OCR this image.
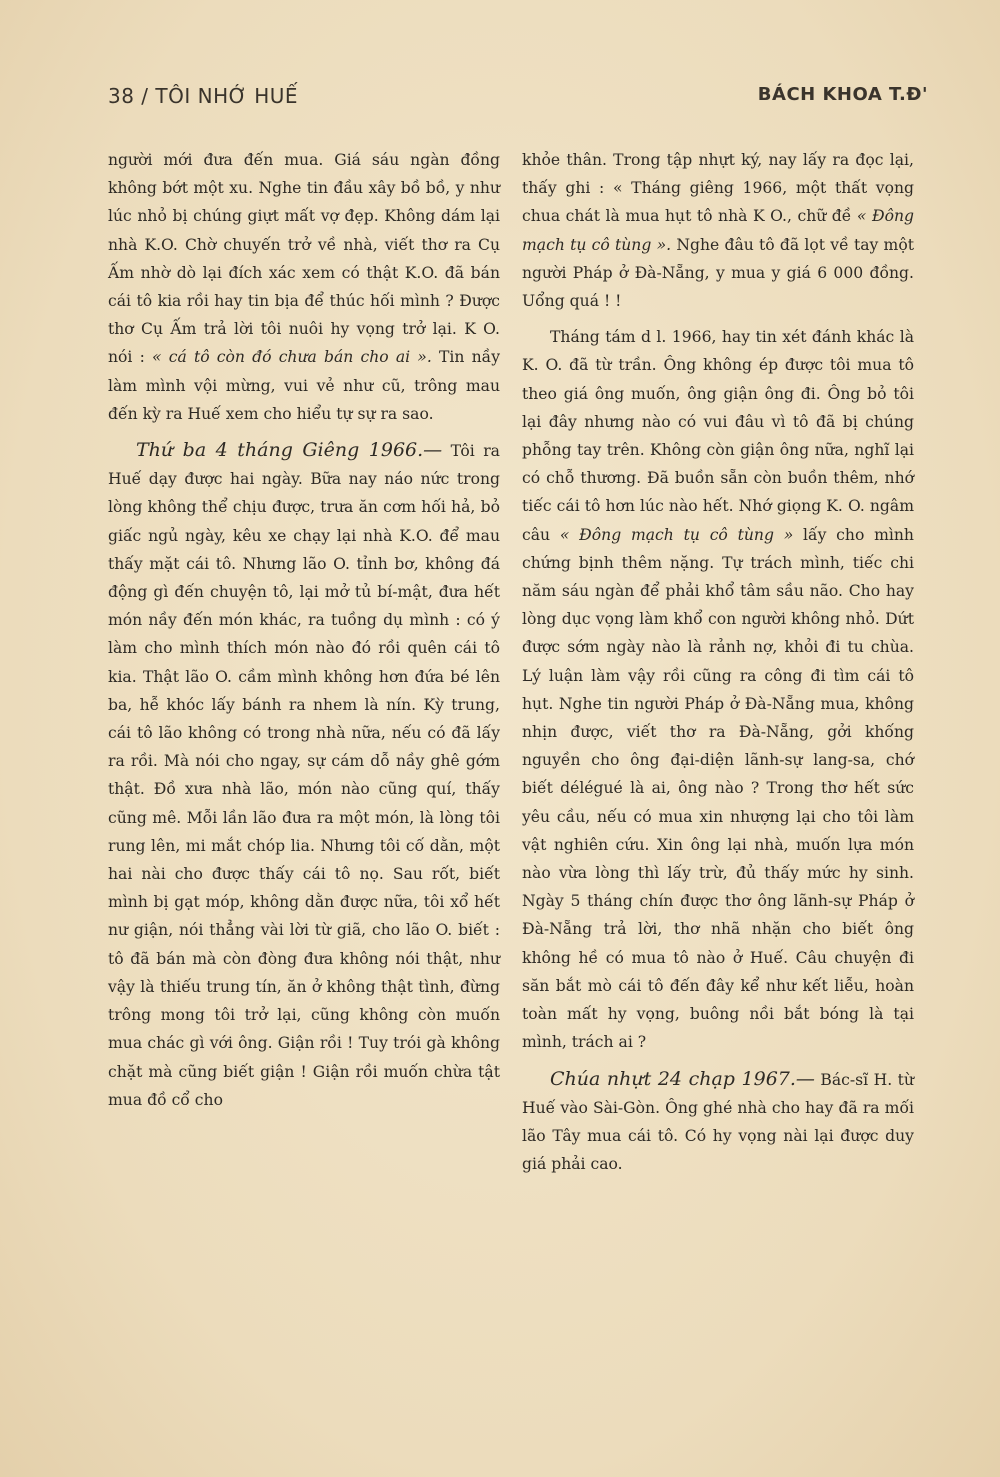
38 / TÔI NHỚ HUẾ	BÁCH KHOA T.Đ'

người mới đưa đến mua. Giá sáu ngàn đồng không bớt một xu. Nghe tin đầu xây bồ bồ, y như lúc nhỏ bị chúng giựt mất vợ đẹp. Không dám lại nhà K.O. Chờ chuyến trở về nhà, viết thơ ra Cụ Ấm nhờ dò lại đích xác xem có thật K.O. đã bán cái tô kia rồi hay tin bịa để thúc hối mình ? Được thơ Cụ Ấm trả lời tôi nuôi hy vọng trở lại. K O. nói : « cá tô còn đó chưa bán cho ai ». Tin nầy làm mình vội mừng, vui vẻ như cũ, trông mau đến kỳ ra Huế xem cho hiểu tự sự ra sao.

Thứ ba 4 tháng Giêng 1966.— Tôi ra Huế dạy được hai ngày. Bữa nay náo nức trong lòng không thể chịu được, trưa ăn cơm hối hả, bỏ giấc ngủ ngày, kêu xe chạy lại nhà K.O. để mau thấy mặt cái tô. Nhưng lão O. tỉnh bơ, không đá động gì đến chuyện tô, lại mở tủ bí-mật, đưa hết món nầy đến món khác, ra tuồng dụ mình : có ý làm cho mình thích món nào đó rồi quên cái tô kia. Thật lão O. cầm mình không hơn đứa bé lên ba, hễ khóc lấy bánh ra nhem là nín. Kỳ trung, cái tô lão không có trong nhà nữa, nếu có đã lấy ra rồi. Mà nói cho ngay, sự cám dỗ nầy ghê gớm thật. Đồ xưa nhà lão, món nào cũng quí, thấy cũng mê. Mỗi lần lão đưa ra một món, là lòng tôi rung lên, mi mắt chóp lia. Nhưng tôi cố dằn, một hai nài cho được thấy cái tô nọ. Sau rốt, biết mình bị gạt móp, không dằn được nữa, tôi xổ hết nư giận, nói thẳng vài lời từ giã, cho lão O. biết : tô đã bán mà còn đòng đưa không nói thật, như vậy là thiếu trung tín, ăn ở không thật tình, đừng trông mong tôi trở lại, cũng không còn muốn mua chác gì với ông. Giận rồi ! Tuy trói gà không chặt mà cũng biết giận ! Giận rồi muốn chừa tật mua đồ cổ cho

khỏe thân. Trong tập nhựt ký, nay lấy ra đọc lại, thấy ghi : « Tháng giêng 1966, một thất vọng chua chát là mua hụt tô nhà K O., chữ đề « Đông mạch tụ cô tùng ». Nghe đâu tô đã lọt về tay một người Pháp ở Đà-Nẵng, y mua y giá 6 000 đồng. Uổng quá ! !

Tháng tám d l. 1966, hay tin xét đánh khác là K. O. đã từ trần. Ông không ép được tôi mua tô theo giá ông muốn, ông giận ông đi. Ông bỏ tôi lại đây nhưng nào có vui đâu vì tô đã bị chúng phỗng tay trên. Không còn giận ông nữa, nghĩ lại có chỗ thương. Đã buồn sẵn còn buồn thêm, nhớ tiếc cái tô hơn lúc nào hết. Nhớ giọng K. O. ngâm câu « Đông mạch tụ cô tùng » lấy cho mình chứng bịnh thêm nặng. Tự trách mình, tiếc chi năm sáu ngàn để phải khổ tâm sầu não. Cho hay lòng dục vọng làm khổ con người không nhỏ. Dứt được sớm ngày nào là rảnh nợ, khỏi đi tu chùa. Lý luận làm vậy rồi cũng ra công đi tìm cái tô hụt. Nghe tin người Pháp ở Đà-Nẵng mua, không nhịn được, viết thơ ra Đà-Nẵng, gởi khống nguyền cho ông đại-diện lãnh-sự lang-sa, chớ biết délégué là ai, ông nào ? Trong thơ hết sức yêu cầu, nếu có mua xin nhượng lại cho tôi làm vật nghiên cứu. Xin ông lại nhà, muốn lựa món nào vừa lòng thì lấy trừ, đủ thấy mức hy sinh. Ngày 5 tháng chín được thơ ông lãnh-sự Pháp ở Đà-Nẵng trả lời, thơ nhã nhặn cho biết ông không hề có mua tô nào ở Huế. Câu chuyện đi săn bắt mò cái tô đến đây kể như kết liễu, hoàn toàn mất hy vọng, buông nồi bắt bóng là tại mình, trách ai ?

Chúa nhựt 24 chạp 1967.— Bác-sĩ H. từ Huế vào Sài-Gòn. Ông ghé nhà cho hay đã ra mối lão Tây mua cái tô. Có hy vọng nài lại được duy giá phải cao.
